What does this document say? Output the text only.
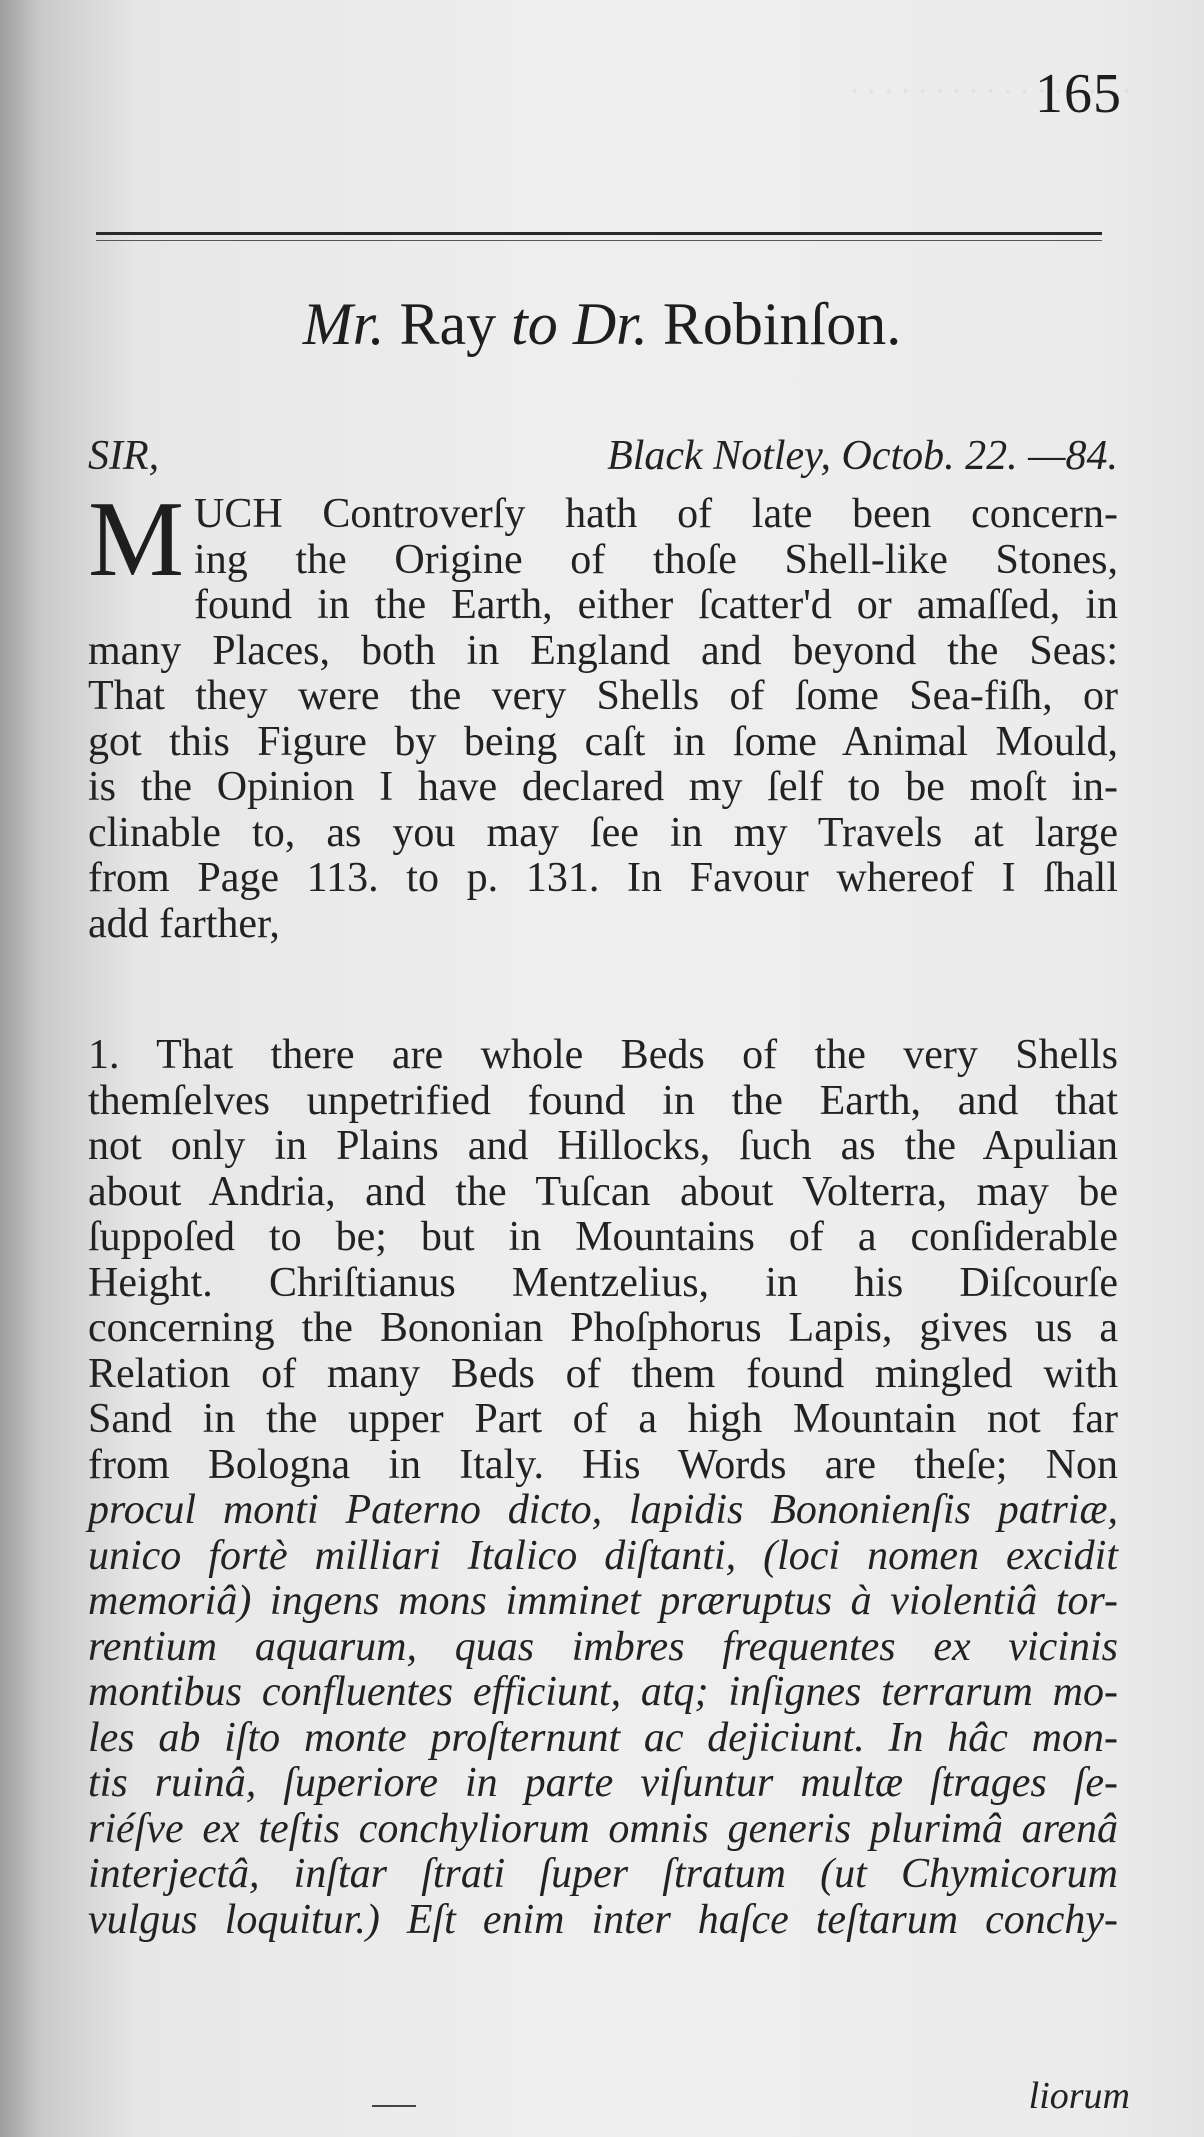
165
Mr. Ray to Dr. Robinſon.
SIR,	Black Notley, Octob. 22. —84.
M UCH Controverſy hath of late been concern-
ing the Origine of thoſe Shell-like Stones,
found in the Earth, either ſcatter'd or amaſſed, in
many Places, both in England and beyond the Seas:
That they were the very Shells of ſome Sea-fiſh, or
got this Figure by being caſt in ſome Animal Mould,
is the Opinion I have declared my ſelf to be moſt in-
clinable to, as you may ſee in my Travels at large
from Page 113. to p. 131. In Favour whereof I ſhall
add farther,
1. That there are whole Beds of the very Shells
themſelves unpetrified found in the Earth, and that
not only in Plains and Hillocks, ſuch as the Apulian
about Andria, and the Tuſcan about Volterra, may be
ſuppoſed to be; but in Mountains of a conſiderable
Height. Chriſtianus Mentzelius, in his Diſcourſe
concerning the Bononian Phoſphorus Lapis, gives us a
Relation of many Beds of them found mingled with
Sand in the upper Part of a high Mountain not far
from Bologna in Italy. His Words are theſe; Non
procul monti Paterno dicto, lapidis Bononienſis patriæ,
unico fortè milliari Italico diſtanti, (loci nomen excidit
memoriâ) ingens mons imminet præruptus à violentiâ tor-
rentium aquarum, quas imbres frequentes ex vicinis
montibus confluentes efficiunt, atq; inſignes terrarum mo-
les ab iſto monte proſternunt ac dejiciunt. In hâc mon-
tis ruinâ, ſuperiore in parte viſuntur multæ ſtrages ſe-
riéſve ex teſtis conchyliorum omnis generis plurimâ arenâ
interjectâ, inſtar ſtrati ſuper ſtratum (ut Chymicorum
vulgus loquitur.) Eſt enim inter haſce teſtarum conchy-
liorum
